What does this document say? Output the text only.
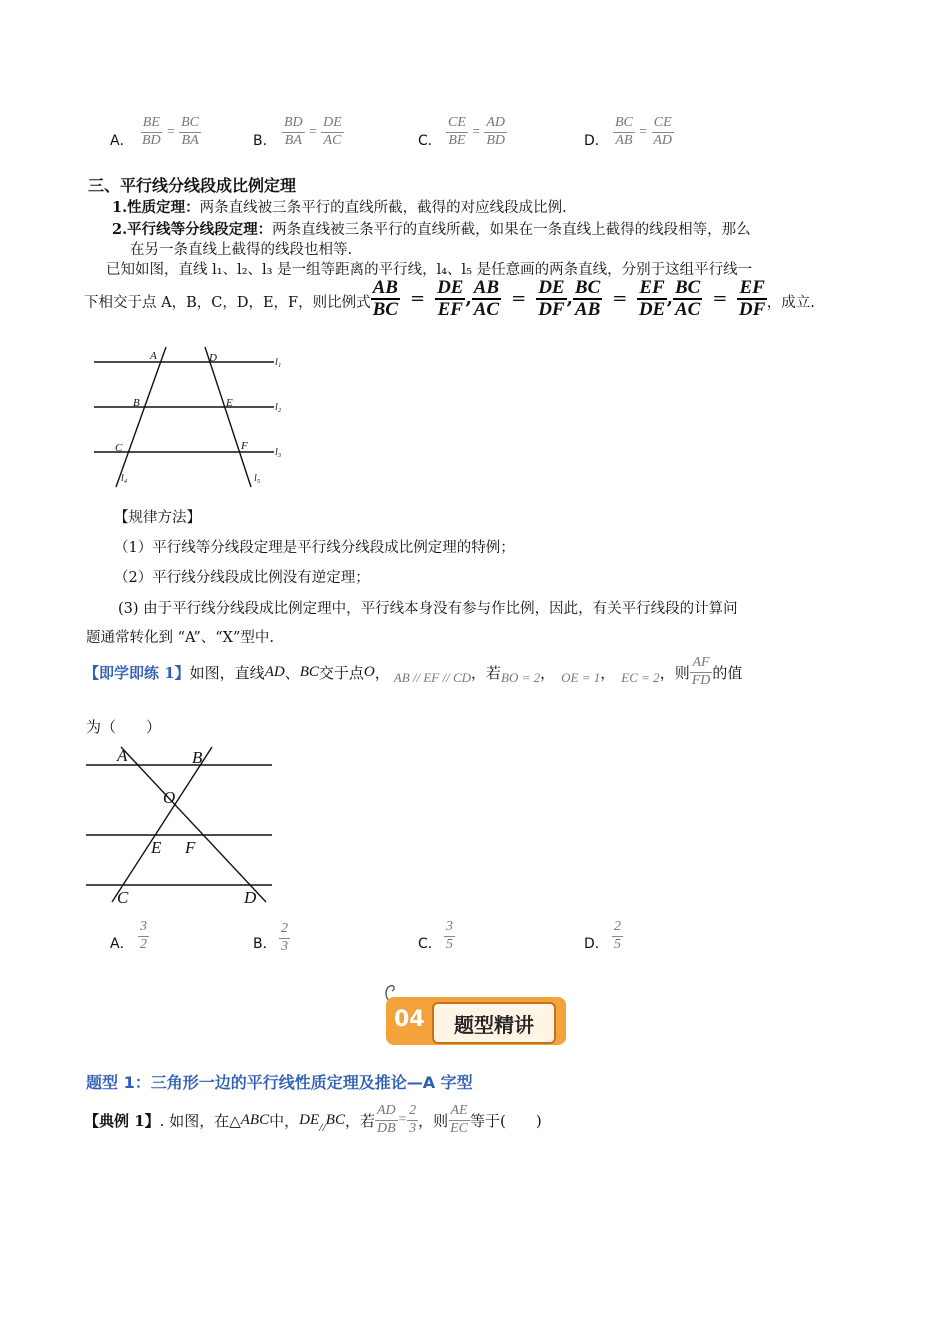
A． $\frac{BE}{BD} = \frac{BC}{BA}$	B． $\frac{BD}{BA} = \frac{DE}{AC}$	C． $\frac{CE}{BE} = \frac{AD}{BD}$	D． $\frac{BC}{AB} = \frac{CE}{AD}$
三、平行线分线段成比例定理
1.性质定理：两条直线被三条平行的直线所截，截得的对应线段成比例.
2.平行线等分线段定理：两条直线被三条平行的直线所截，如果在一条直线上截得的线段相等，那么
在另一条直线上截得的线段也相等.
已知如图，直线 l₁、l₂、l₃ 是一组等距离的平行线，l₄、l₅ 是任意画的两条直线，分别于这组平行线一
下相交于点 A，B，C，D，E，F，则比例式 $\frac{AB}{BC} = \frac{DE}{EF}$ , $\frac{AB}{AC} = \frac{DE}{DF}$ , $\frac{BC}{AB} = \frac{EF}{DE}$ , $\frac{BC}{AC} = \frac{EF}{DF}$ ，成立.
A	D
B	E
C	F
l₁
l₂
l₃
l₄	l₅
【规律方法】
（1）平行线等分线段定理是平行线分线段成比例定理的特例；
（2）平行线分线段成比例没有逆定理；
(3) 由于平行线分线段成比例定理中，平行线本身没有参与作比例，因此，有关平行线段的计算问
题通常转化到 “A”、“X”型中.
【即学即练 1】 如图，直线 AD 、 BC 交于点 O ， AB // EF // CD ，若 BO = 2 ， OE = 1 ， EC = 2 ，则 $\frac{AF}{FD}$ 的值
为（　　）
A	B
O
E F
C	D
A． $\frac{3}{2}$	B． $\frac{2}{3}$	C． $\frac{3}{5}$	D． $\frac{2}{5}$
04	题型精讲
题型 1：三角形一边的平行线性质定理及推论—A 字型
【典例 1】 . 如图，在△ ABC 中， DE // BC ，若 $\frac{AD}{DB} = \frac{2}{3}$ ，则 $\frac{AE}{EC}$ 等于(　　)
